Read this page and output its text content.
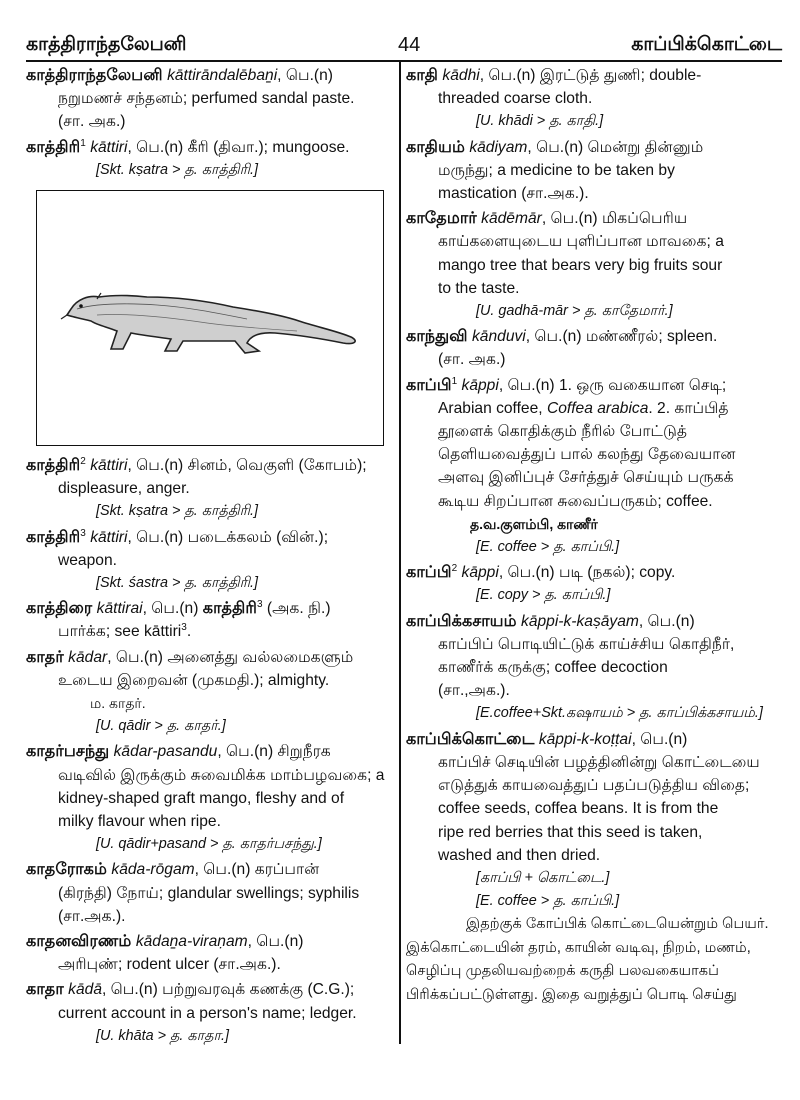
காத்திராந்தலேபனி	44	காப்பிக்கொட்டை
காத்திராந்தலேபனி kāttirāndalēbaṉi, பெ.(n)
நறுமணச் சந்தனம்; perfumed sandal paste.
(சா. அக.)
காத்திரி$^1$ kāttiri, பெ.(n) கீரி (திவா.); mungoose.
[Skt. kṣatra > த. காத்திரி.]
காத்திரி$^2$ kāttiri, பெ.(n) சினம், வெகுளி (கோபம்);
displeasure, anger.
[Skt. kṣatra > த. காத்திரி.]
காத்திரி$^3$ kāttiri, பெ.(n) படைக்கலம் (வின்.);
weapon.
[Skt. śastra > த. காத்திரி.]
காத்திரை kāttirai, பெ.(n) காத்திரி$^3$ (அக. நி.)
பார்க்க; see kāttiri$^3$.
காதர் kādar, பெ.(n) அனைத்து வல்லமைகளும்
உடைய இறைவன் (முகமதி.); almighty.
ம. காதர்.
[U. qādir > த. காதர்.]
காதர்பசந்து kādar-pasandu, பெ.(n) சிறுநீரக
வடிவில் இருக்கும் சுவைமிக்க மாம்பழவகை; a
kidney-shaped graft mango, fleshy and of
milky flavour when ripe.
[U. qādir+pasand > த. காதர்பசந்து.]
காதரோகம் kāda-rōgam, பெ.(n) கரப்பான்
(கிரந்தி) நோய்; glandular swellings; syphilis
(சா.அக.).
காதனவிரணம் kādaṉa-viraṇam, பெ.(n)
அரிபுண்; rodent ulcer (சா.அக.).
காதா kādā, பெ.(n) பற்றுவரவுக் கணக்கு (C.G.);
current account in a person's name; ledger.
[U. khāta > த. காதா.]
காதி kādhi, பெ.(n) இரட்டுத் துணி; double-
threaded coarse cloth.
[U. khādi > த. காதி.]
காதியம் kādiyam, பெ.(n) மென்று தின்னும்
மருந்து; a medicine to be taken by
mastication (சா.அக.).
காதேமார் kādēmār, பெ.(n) மிகப்பெரிய
காய்களையுடைய புளிப்பான மாவகை; a
mango tree that bears very big fruits sour
to the taste.
[U. gadhā-mār > த. காதேமார்.]
காந்துவி kānduvi, பெ.(n) மண்ணீரல்; spleen.
(சா. அக.)
காப்பி$^1$ kāppi, பெ.(n) 1. ஒரு வகையான செடி;
Arabian coffee, Coffea arabica. 2. காப்பித்
தூளைக் கொதிக்கும் நீரில் போட்டுத்
தெளியவைத்துப் பால் கலந்து தேவையான
அளவு இனிப்புச் சேர்த்துச் செய்யும் பருகக்
கூடிய சிறப்பான சுவைப்பருகம்; coffee.
த.வ.குளம்பி, காணீர்
[E. coffee > த. காப்பி.]
காப்பி$^2$ kāppi, பெ.(n) படி (நகல்); copy.
[E. copy > த. காப்பி.]
காப்பிக்கசாயம் kāppi-k-kaṣāyam, பெ.(n)
காப்பிப் பொடியிட்டுக் காய்ச்சிய கொதிநீர்,
காணீர்க் கருக்கு; coffee decoction
(சா.,அக.).
[E.coffee+Skt.கஷாயம் > த. காப்பிக்கசாயம்.]
காப்பிக்கொட்டை kāppi-k-koṭṭai, பெ.(n)
காப்பிச் செடியின் பழத்தினின்று கொட்டையை
எடுத்துக் காயவைத்துப் பதப்படுத்திய விதை;
coffee seeds, coffea beans. It is from the
ripe red berries that this seed is taken,
washed and then dried.
[காப்பி + கொட்டை.]
[E. coffee > த. காப்பி.]
இதற்குக் கோப்பிக் கொட்டையென்றும் பெயர்.
இக்கொட்டையின் தரம், காயின் வடிவு, நிறம், மணம்,
செழிப்பு முதலியவற்றைக் கருதி பலவகையாகப்
பிரிக்கப்பட்டுள்ளது. இதை வறுத்துப் பொடி செய்து
